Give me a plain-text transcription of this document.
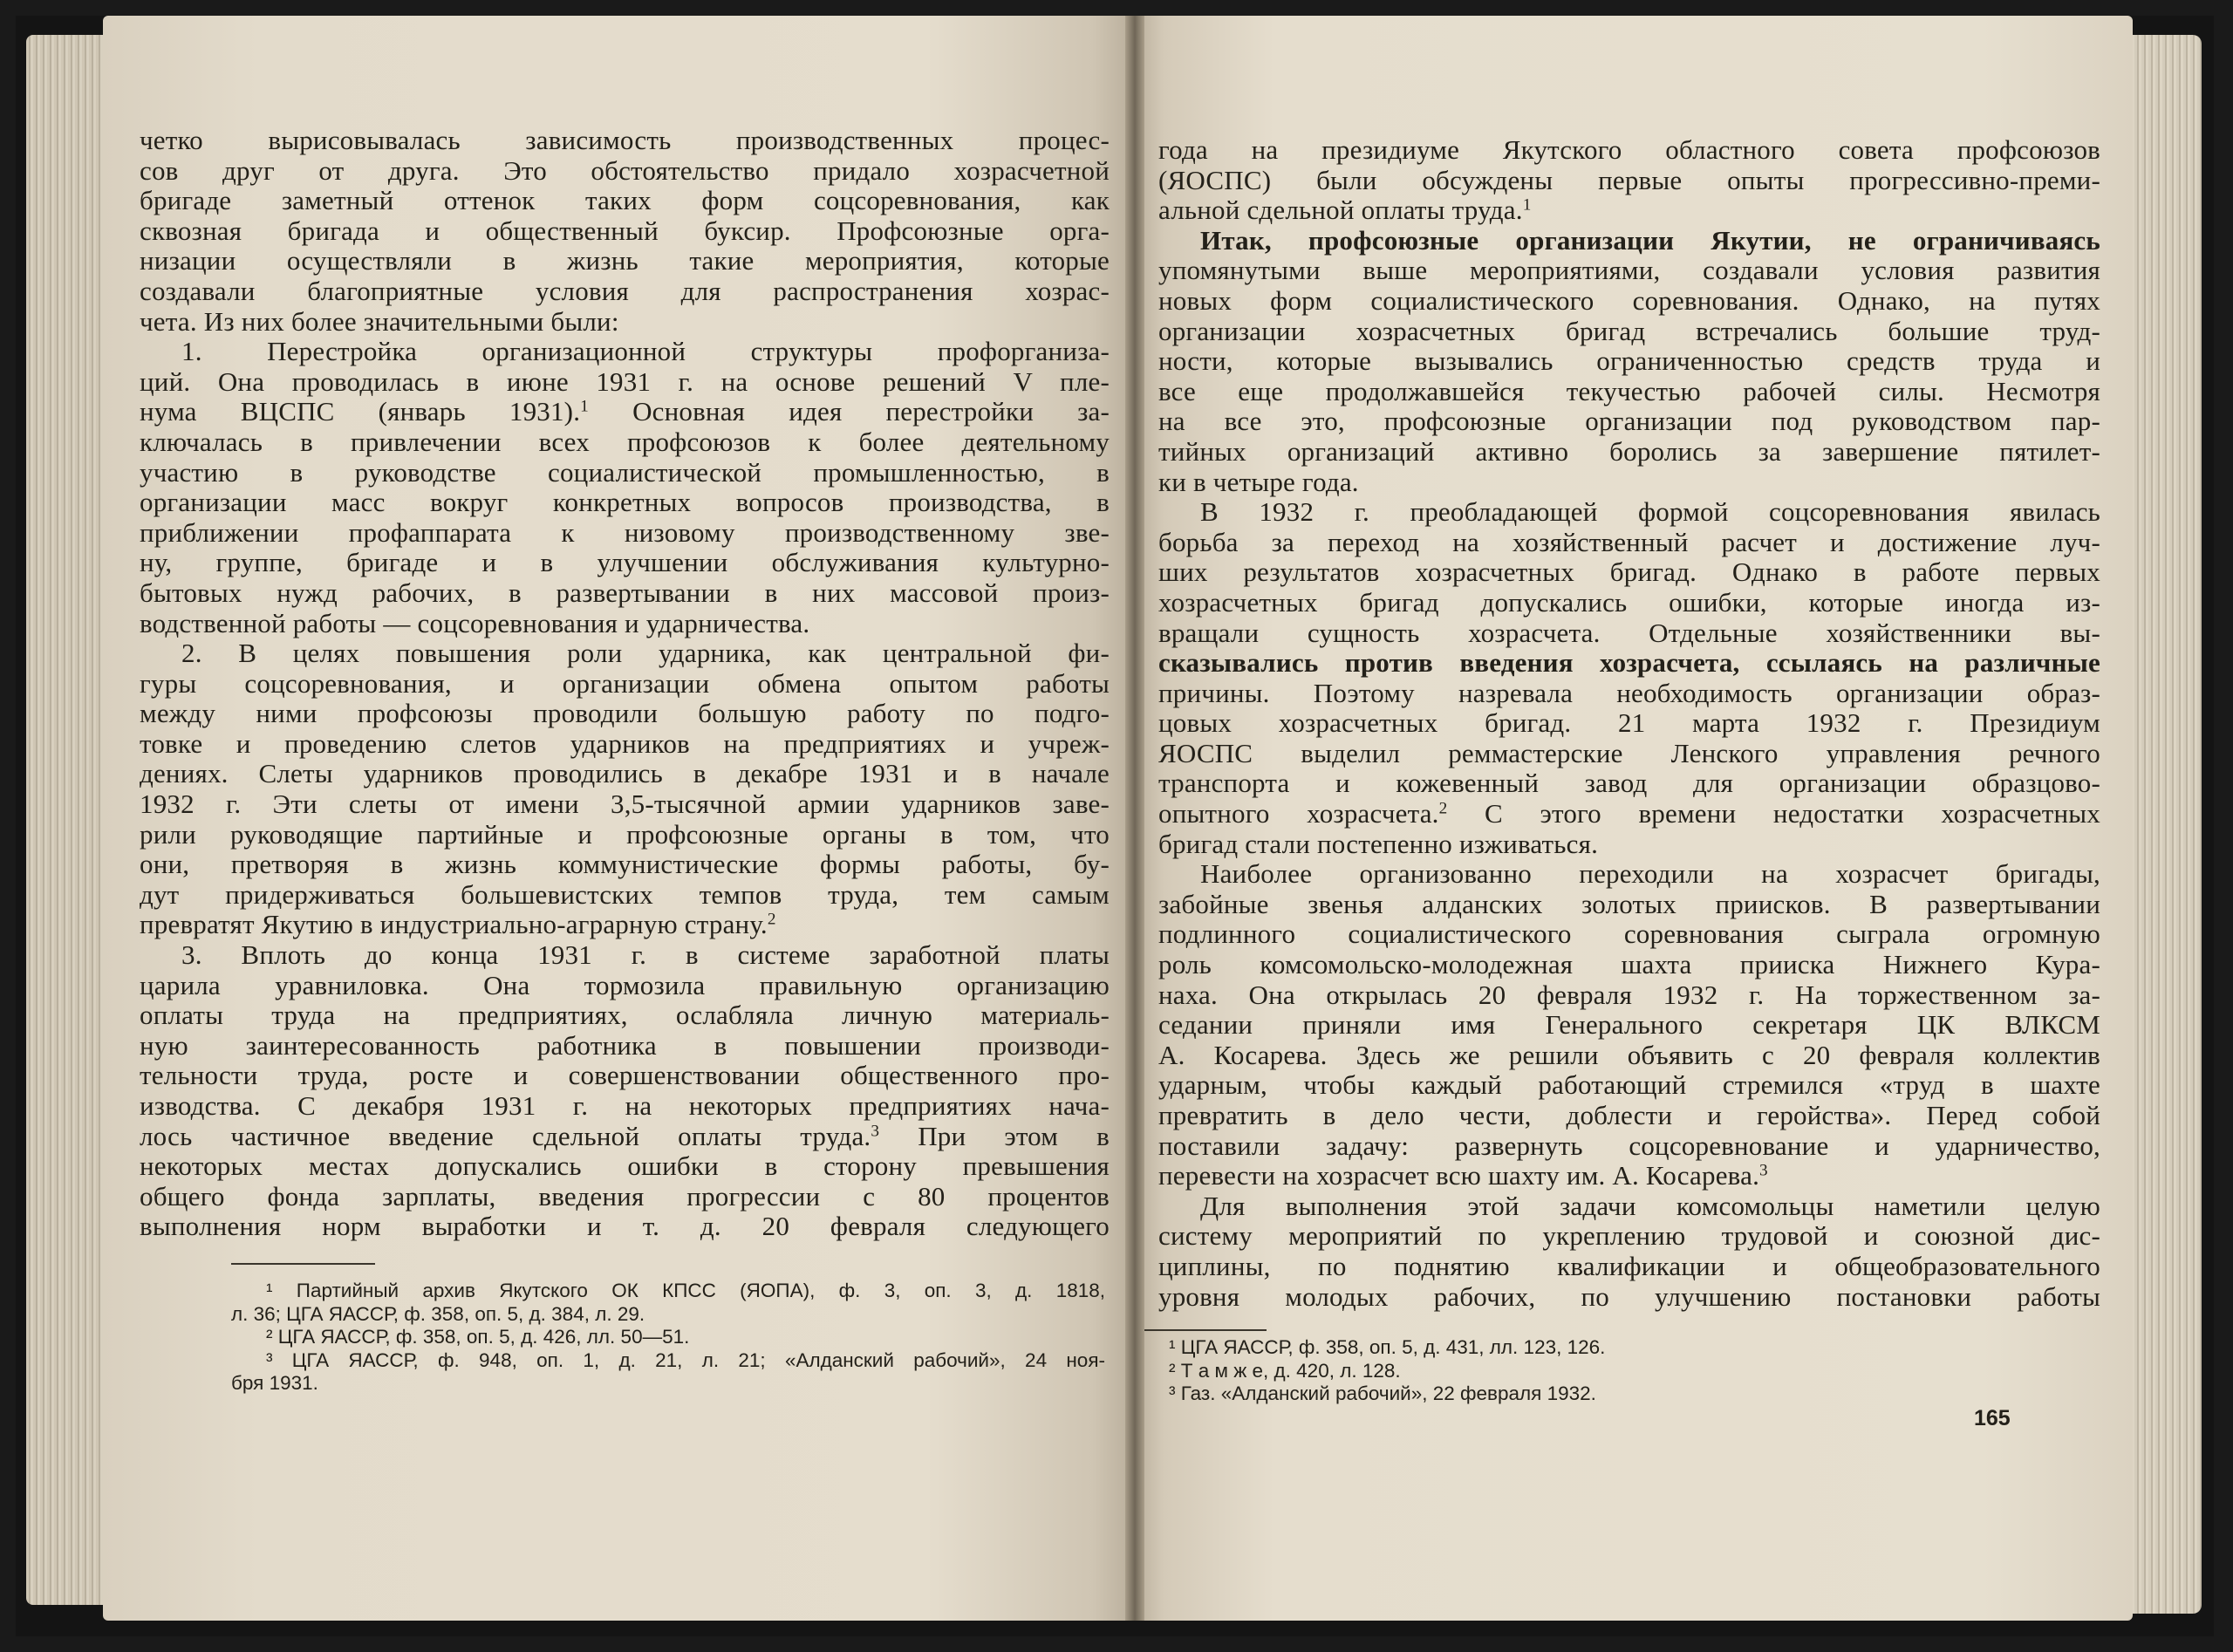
четко вырисовывалась зависимость производственных процес-
сов друг от друга. Это обстоятельство придало хозрасчетной
бригаде заметный оттенок таких форм соцсоревнования, как
сквозная бригада и общественный буксир. Профсоюзные орга-
низации осуществляли в жизнь такие мероприятия, которые
создавали благоприятные условия для распространения хозрас-
чета. Из них более значительными были:
1. Перестройка организационной структуры профорганиза-
ций. Она проводилась в июне 1931 г. на основе решений V пле-
нума ВЦСПС (январь 1931).$^1$ Основная идея перестройки за-
ключалась в привлечении всех профсоюзов к более деятельному
участию в руководстве социалистической промышленностью, в
организации масс вокруг конкретных вопросов производства, в
приближении профаппарата к низовому производственному зве-
ну, группе, бригаде и в улучшении обслуживания культурно-
бытовых нужд рабочих, в развертывании в них массовой произ-
водственной работы — соцсоревнования и ударничества.
2. В целях повышения роли ударника, как центральной фи-
гуры соцсоревнования, и организации обмена опытом работы
между ними профсоюзы проводили большую работу по подго-
товке и проведению слетов ударников на предприятиях и учреж-
дениях. Слеты ударников проводились в декабре 1931 и в начале
1932 г. Эти слеты от имени 3,5-тысячной армии ударников заве-
рили руководящие партийные и профсоюзные органы в том, что
они, претворяя в жизнь коммунистические формы работы, бу-
дут придерживаться большевистских темпов труда, тем самым
превратят Якутию в индустриально-аграрную страну.$^2$
3. Вплоть до конца 1931 г. в системе заработной платы
царила уравниловка. Она тормозила правильную организацию
оплаты труда на предприятиях, ослабляла личную материаль-
ную заинтересованность работника в повышении производи-
тельности труда, росте и совершенствовании общественного про-
изводства. С декабря 1931 г. на некоторых предприятиях нача-
лось частичное введение сдельной оплаты труда.$^3$ При этом в
некоторых местах допускались ошибки в сторону превышения
общего фонда зарплаты, введения прогрессии с 80 процентов
выполнения норм выработки и т. д. 20 февраля следующего
¹ Партийный архив Якутского ОК КПСС (ЯОПА), ф. 3, оп. 3, д. 1818,
л. 36; ЦГА ЯАССР, ф. 358, оп. 5, д. 384, л. 29.
² ЦГА ЯАССР, ф. 358, оп. 5, д. 426, лл. 50—51.
³ ЦГА ЯАССР, ф. 948, оп. 1, д. 21, л. 21; «Алданский рабочий», 24 ноя-
бря 1931.
года на президиуме Якутского областного совета профсоюзов
(ЯОСПС) были обсуждены первые опыты прогрессивно-преми-
альной сдельной оплаты труда.$^1$
Итак, профсоюзные организации Якутии, не ограничиваясь
упомянутыми выше мероприятиями, создавали условия развития
новых форм социалистического соревнования. Однако, на путях
организации хозрасчетных бригад встречались большие труд-
ности, которые вызывались ограниченностью средств труда и
все еще продолжавшейся текучестью рабочей силы. Несмотря
на все это, профсоюзные организации под руководством пар-
тийных организаций активно боролись за завершение пятилет-
ки в четыре года.
В 1932 г. преобладающей формой соцсоревнования явилась
борьба за переход на хозяйственный расчет и достижение луч-
ших результатов хозрасчетных бригад. Однако в работе первых
хозрасчетных бригад допускались ошибки, которые иногда из-
вращали сущность хозрасчета. Отдельные хозяйственники вы-
сказывались против введения хозрасчета, ссылаясь на различные
причины. Поэтому назревала необходимость организации образ-
цовых хозрасчетных бригад. 21 марта 1932 г. Президиум
ЯОСПС выделил реммастерские Ленского управления речного
транспорта и кожевенный завод для организации образцово-
опытного хозрасчета.$^2$ С этого времени недостатки хозрасчетных
бригад стали постепенно изживаться.
Наиболее организованно переходили на хозрасчет бригады,
забойные звенья алданских золотых приисков. В развертывании
подлинного социалистического соревнования сыграла огромную
роль комсомольско-молодежная шахта прииска Нижнего Кура-
наха. Она открылась 20 февраля 1932 г. На торжественном за-
седании приняли имя Генерального секретаря ЦК ВЛКСМ
А. Косарева. Здесь же решили объявить с 20 февраля коллектив
ударным, чтобы каждый работающий стремился «труд в шахте
превратить в дело чести, доблести и геройства». Перед собой
поставили задачу: развернуть соцсоревнование и ударничество,
перевести на хозрасчет всю шахту им. А. Косарева.$^3$
Для выполнения этой задачи комсомольцы наметили целую
систему мероприятий по укреплению трудовой и союзной дис-
циплины, по поднятию квалификации и общеобразовательного
уровня молодых рабочих, по улучшению постановки работы
¹ ЦГА ЯАССР, ф. 358, оп. 5, д. 431, лл. 123, 126.
² Т а м ж е, д. 420, л. 128.
³ Газ. «Алданский рабочий», 22 февраля 1932.
165
